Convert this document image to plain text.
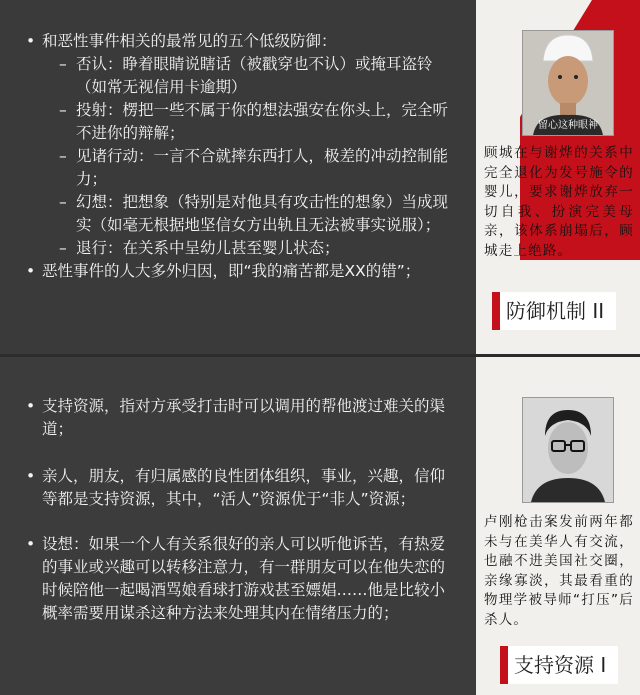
• 和恶性事件相关的最常见的五个低级防御：
– 否认：睁着眼睛说瞎话（被戳穿也不认）或掩耳盗铃（如常无视信用卡逾期）
– 投射：楞把一些不属于你的想法强安在你头上，完全听不进你的辩解；
– 见诸行动：一言不合就摔东西打人，极差的冲动控制能力；
– 幻想：把想象（特别是对他具有攻击性的想象）当成现实（如毫无根据地坚信女方出轨且无法被事实说服）；
– 退行：在关系中呈幼儿甚至婴儿状态；
• 恶性事件的人大多外归因，即“我的痛苦都是XX的错”；
留心这种眼神
顾城在与谢烨的关系中完全退化为发号施令的婴儿，要求谢烨放弃一切自我、扮演完美母亲，该体系崩塌后，顾城走上绝路。
防御机制 II
• 支持资源，指对方承受打击时可以调用的帮他渡过难关的渠道；
• 亲人，朋友，有归属感的良性团体组织，事业，兴趣，信仰等都是支持资源，其中，“活人”资源优于“非人”资源；
• 设想：如果一个人有关系很好的亲人可以听他诉苦，有热爱的事业或兴趣可以转移注意力，有一群朋友可以在他失恋的时候陪他一起喝酒骂娘看球打游戏甚至嫖娼……他是比较小概率需要用谋杀这种方法来处理其内在情绪压力的；
卢刚枪击案发前两年都未与在美华人有交流，也融不进美国社交圈，亲缘寡淡，其最看重的物理学被导师“打压”后杀人。
支持资源 I
